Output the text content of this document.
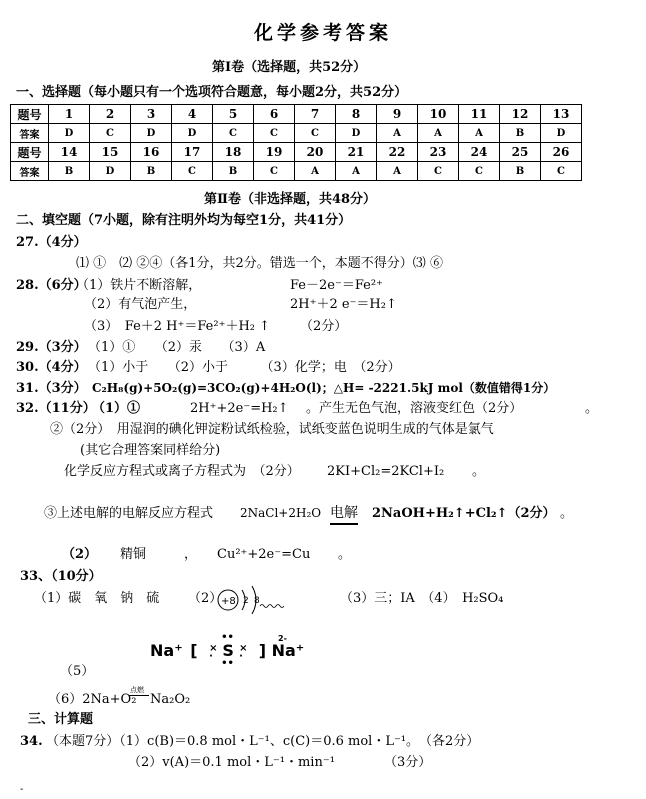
化学参考答案
第Ⅰ卷（选择题，共52分）
一、选择题（每小题只有一个选项符合题意，每小题2分，共52分）
题号	1	2	3	4	5	6	7	8	9	10	11	12	13
答案	D	C	D	D	C	C	C	D	A	A	A	B	D
题号	14	15	16	17	18	19	20	21	22	23	24	25	26
答案	B	D	B	C	B	C	A	A	A	C	C	B	C
第Ⅱ卷（非选择题，共48分）
二、填空题（7小题，除有注明外均为每空1分，共41分）
27.（4分）
⑴ ①　⑵ ②④（各1分，共2分。错选一个，本题不得分）⑶ ⑥
28.（6分）
（1）铁片不断溶解，	Fe－2e⁻＝Fe²⁺
（2）有气泡产生，	2H⁺＋2 e⁻＝H₂↑
（3）　Fe＋2 H⁺＝Fe²⁺＋H₂ ↑ （2分）
29.（3分） （1）①　　（2）汞　　（3）A
30.（4分） （1）小于　　（2）小于　　　（3）化学；电　（2分）
31.（3分） C₂H₈(g)+5O₂(g)=3CO₂(g)+4H₂O(l)；△H= -2221.5kJ mol（数值错得1分）
32.（11分）
（1）①	2H⁺+2e⁻=H₂↑ 。产生无色气泡，溶液变红色（2分）	。
②（2分）　用湿润的碘化钾淀粉试纸检验，试纸变蓝色说明生成的气体是氯气
(其它合理答案同样给分)
化学反应方程式或离子方程式为　（2分） 2KI+Cl₂=2KCl+I₂ 。
③上述电解的电解反应方程式 2NaCl+2H₂O 电解 2NaOH+H₂↑+Cl₂↑（2分） 。
（2） 精铜	， Cu²⁺+2e⁻=Cu 。
33、（10分）
（1）碳　氧　钠　硫 （2）
+8 2 8	（3）三；ⅠA　（4）　H₂SO₄
Na⁺ [ ×
·
••
S
••
×
· ] Na⁺
2-
（5）
（6）2Na+O₂
点燃
Na₂O₂
三、计算题
34. （本题7分）（1）c(B)＝0.8 mol・L⁻¹、c(C)＝0.6 mol・L⁻¹。　（各2分）
（2）v(A)＝0.1 mol・L⁻¹・min⁻¹	（3分）
-
